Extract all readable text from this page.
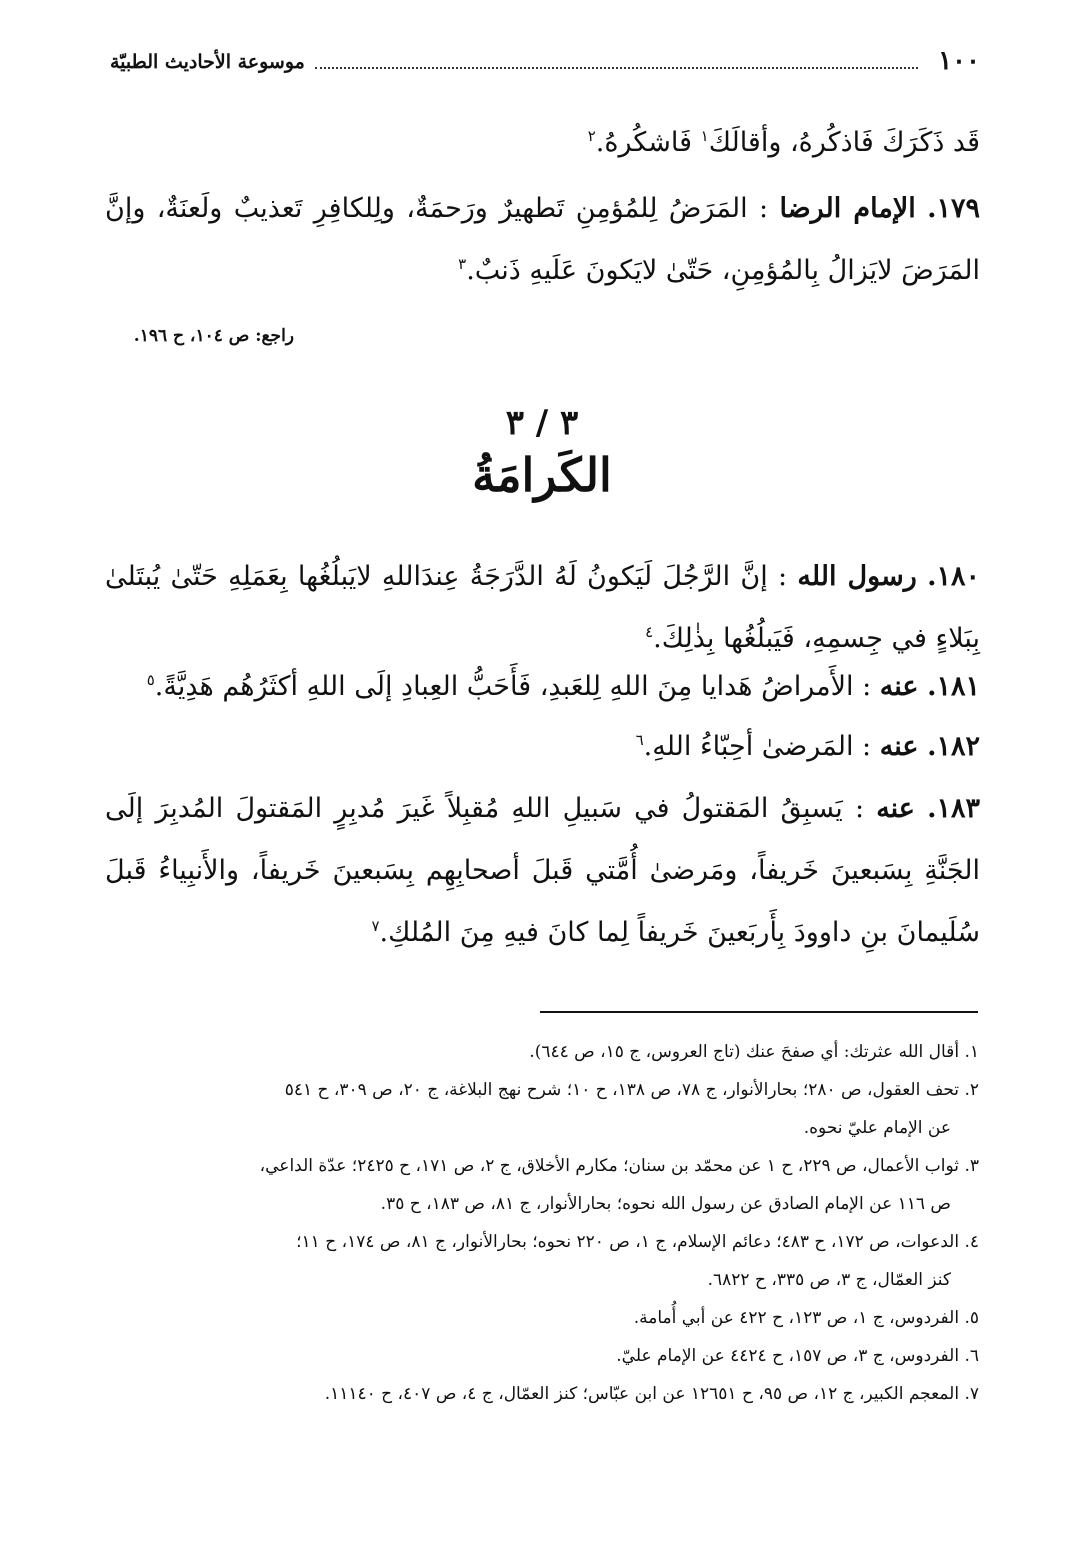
١٠٠
موسوعة الأحاديث الطبيّة
قَد ذَكَرَكَ فَاذكُرهُ، وأقالَكَ$^١$ فَاشكُرهُ.$^٢$
١٧٩. الإمام الرضا : المَرَضُ لِلمُؤمِنِ تَطهيرٌ ورَحمَةٌ، ولِلكافِرِ تَعذيبٌ ولَعنَةٌ، وإنَّ المَرَضَ لايَزالُ بِالمُؤمِنِ، حَتّىٰ لايَكونَ عَلَيهِ ذَنبٌ.$^٣$
راجع: ص ١٠٤، ح ١٩٦.
٣ / ٣
الكَرامَةُ
١٨٠. رسول الله : إنَّ الرَّجُلَ لَيَكونُ لَهُ الدَّرَجَةُ عِندَاللهِ لايَبلُغُها بِعَمَلِهِ حَتّىٰ يُبتَلىٰ بِبَلاءٍ في جِسمِهِ، فَيَبلُغُها بِذٰلِكَ.$^٤$
١٨١. عنه : الأَمراضُ هَدايا مِنَ اللهِ لِلعَبدِ، فَأَحَبُّ العِبادِ إلَى اللهِ أكثَرُهُم هَدِيَّةً.$^٥$
١٨٢. عنه : المَرضىٰ أحِبّاءُ اللهِ.$^٦$
١٨٣. عنه : يَسبِقُ المَقتولُ في سَبيلِ اللهِ مُقبِلاً غَيرَ مُدبِرٍ المَقتولَ المُدبِرَ إلَى الجَنَّةِ بِسَبعينَ خَريفاً، ومَرضىٰ أُمَّتي قَبلَ أصحابِهِم بِسَبعينَ خَريفاً، والأَنبِياءُ قَبلَ سُلَيمانَ بنِ داوودَ بِأَربَعينَ خَريفاً لِما كانَ فيهِ مِنَ المُلكِ.$^٧$

١. أقال الله عثرتك: أي صفحَ عنك (تاج العروس، ج ١٥، ص ٦٤٤).

٢. تحف العقول، ص ٢٨٠؛ بحارالأنوار، ج ٧٨، ص ١٣٨، ح ١٠؛ شرح نهج البلاغة، ج ٢٠، ص ٣٠٩، ح ٥٤١

عن الإمام عليّ نحوه.

٣. ثواب الأعمال، ص ٢٢٩، ح ١ عن محمّد بن سنان؛ مكارم الأخلاق، ج ٢، ص ١٧١، ح ٢٤٢٥؛ عدّة الداعي،

ص ١١٦ عن الإمام الصادق عن رسول الله نحوه؛ بحارالأنوار، ج ٨١، ص ١٨٣، ح ٣٥.

٤. الدعوات، ص ١٧٢، ح ٤٨٣؛ دعائم الإسلام، ج ١، ص ٢٢٠ نحوه؛ بحارالأنوار، ج ٨١، ص ١٧٤، ح ١١؛

كنز العمّال، ج ٣، ص ٣٣٥، ح ٦٨٢٢.

٥. الفردوس، ج ١، ص ١٢٣، ح ٤٢٢ عن أبي أُمامة.

٦. الفردوس، ج ٣، ص ١٥٧، ح ٤٤٢٤ عن الإمام عليّ.

٧. المعجم الكبير، ج ١٢، ص ٩٥، ح ١٢٦٥١ عن ابن عبّاس؛ كنز العمّال، ج ٤، ص ٤٠٧، ح ١١١٤٠.
